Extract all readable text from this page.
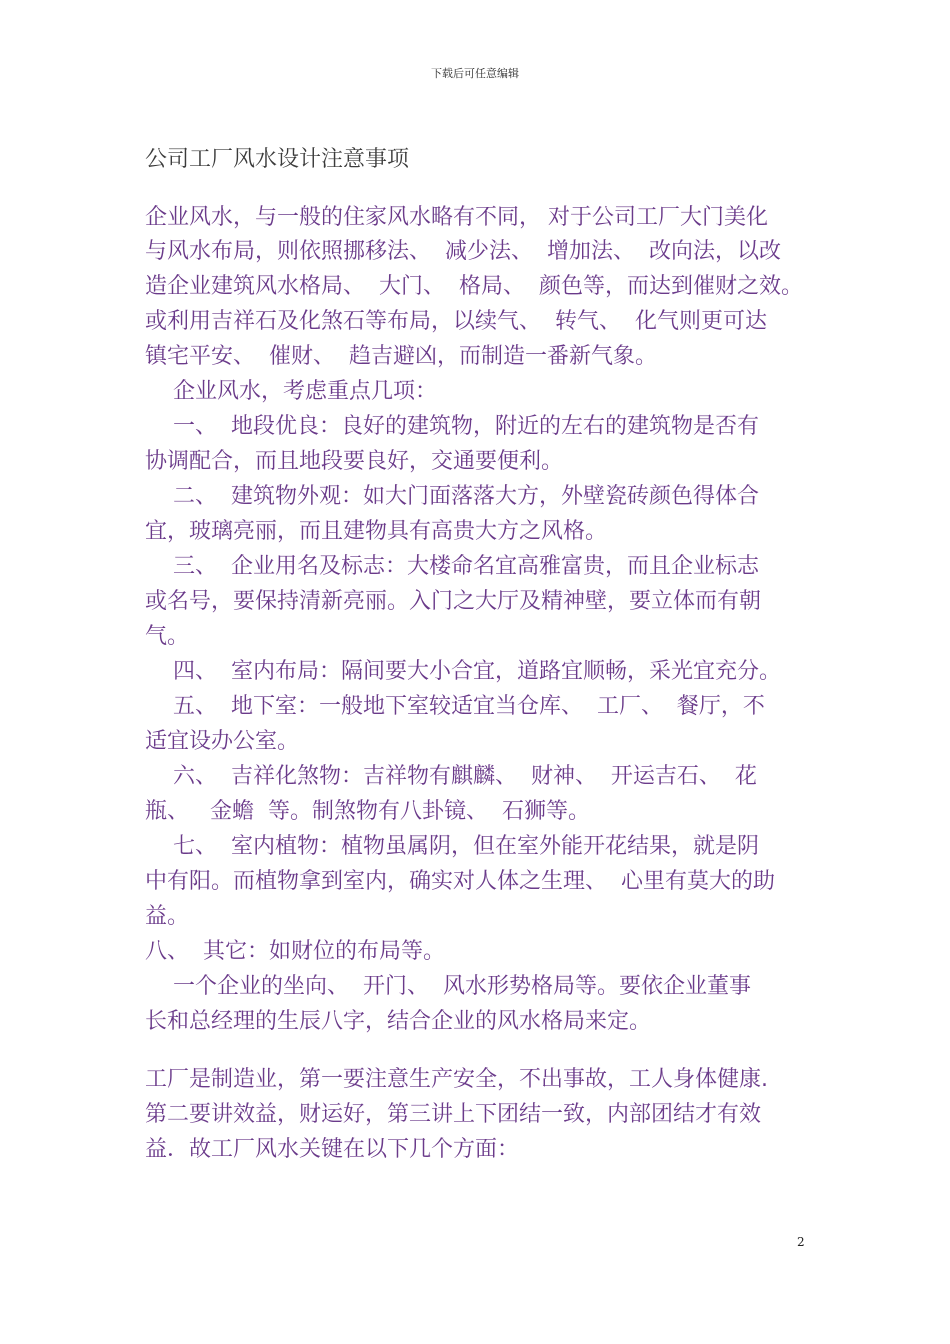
下载后可任意编辑
公司工厂风水设计注意事项
企业风水，与一般的住家风水略有不同， 对于公司工厂大门美化
与风水布局，则依照挪移法、  减少法、  增加法、  改向法，以改
造企业建筑风水格局、  大门、  格局、  颜色等，而达到催财之效。
或利用吉祥石及化煞石等布局，以续气、  转气、  化气则更可达
镇宅平安、  催财、  趋吉避凶，而制造一番新气象。
企业风水，考虑重点几项：
一、  地段优良：良好的建筑物，附近的左右的建筑物是否有
协调配合，而且地段要良好，交通要便利。
二、  建筑物外观：如大门面落落大方，外壁瓷砖颜色得体合
宜，玻璃亮丽，而且建物具有高贵大方之风格。
三、  企业用名及标志：大楼命名宜高雅富贵，而且企业标志
或名号，要保持清新亮丽。入门之大厅及精神壁，要立体而有朝
气。
四、  室内布局：隔间要大小合宜，道路宜顺畅，采光宜充分。
五、  地下室：一般地下室较适宜当仓库、  工厂、  餐厅，不
适宜设办公室。
六、  吉祥化煞物：吉祥物有麒麟、  财神、  开运吉石、  花
瓶、   金蟾  等。制煞物有八卦镜、  石狮等。
七、  室内植物：植物虽属阴，但在室外能开花结果，就是阴
中有阳。而植物拿到室内，确实对人体之生理、  心里有莫大的助
益。
八、  其它：如财位的布局等。
一个企业的坐向、  开门、  风水形势格局等。要依企业董事
长和总经理的生辰八字，结合企业的风水格局来定。
工厂是制造业，第一要注意生产安全，不出事故，工人身体健康.
第二要讲效益，财运好，第三讲上下团结一致，内部团结才有效
益．故工厂风水关键在以下几个方面：
2
